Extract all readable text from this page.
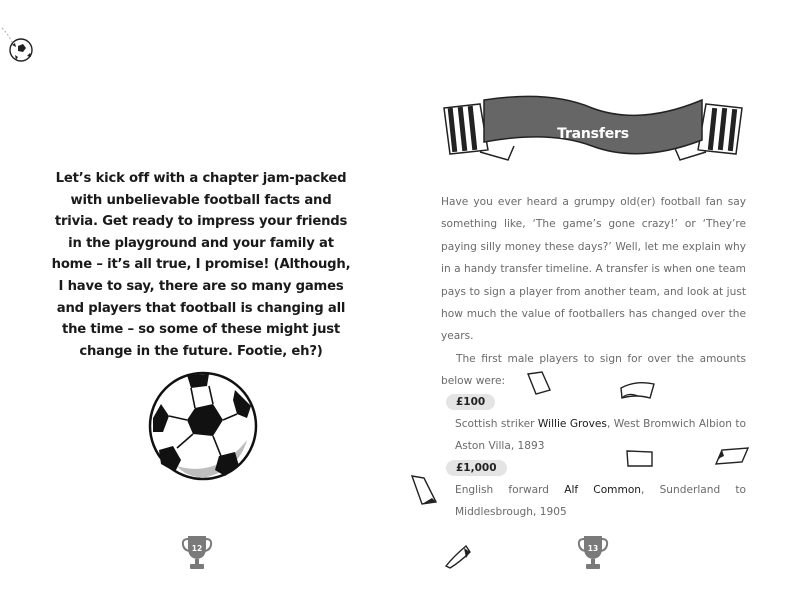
Let’s kick off with a chapter jam-packed with unbelievable football facts and trivia. Get ready to impress your friends in the playground and your family at home – it’s all true, I promise! (Although, I have to say, there are so many games and players that football is changing all the time – so some of these might just change in the future. Footie, eh?)
12
Transfers

Have you ever heard a grumpy old(er) football fan say something like, ‘The game’s gone crazy!’ or ‘They’re paying silly money these days?’ Well, let me explain why in a handy transfer timeline. A transfer is when one team pays to sign a player from another team, and look at just how much the value of footballers has changed over the years.

The first male players to sign for over the amounts below were:

£100
Scottish striker Willie Groves, West Bromwich Albion to Aston Villa, 1893
£1,000
English forward Alf Common, Sunderland to Middlesbrough, 1905
13
